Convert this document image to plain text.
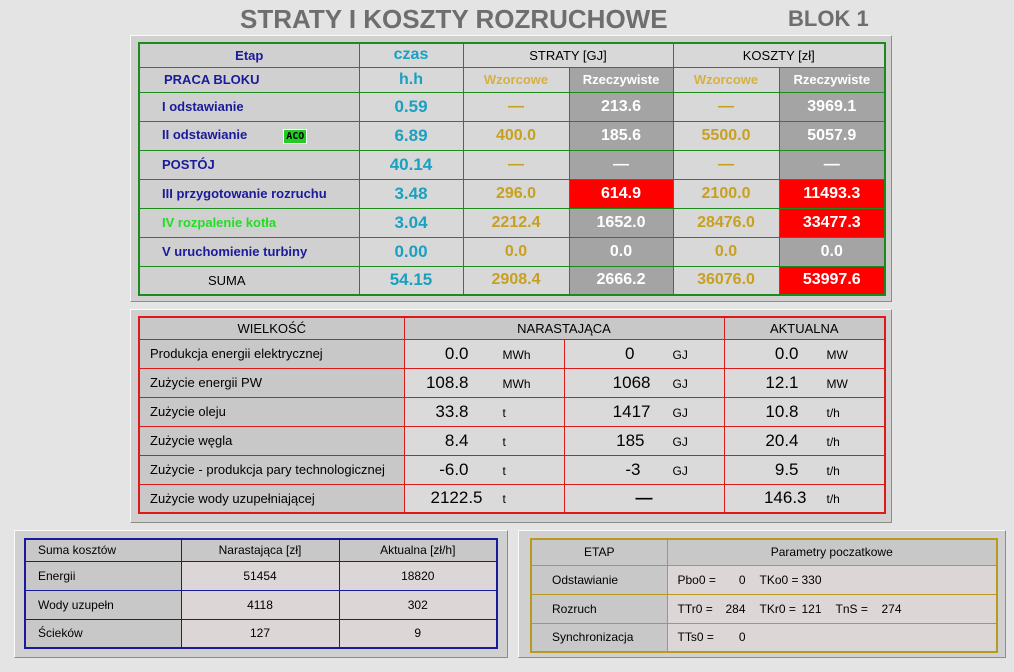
STRATY I KOSZTY ROZRUCHOWE	BLOK 1
Etap	czas	STRATY [GJ]		KOSZTY [zł]	
PRACA BLOKU	h.h	Wzorcowe	Rzeczywiste	Wzorcowe	Rzeczywiste
I odstawianie	0.59	—	213.6	—	3969.1
II odstawianie ACO	6.89	400.0	185.6	5500.0	5057.9
POSTÓJ	40.14	—	—	—	—
III przygotowanie rozruchu	3.48	296.0	614.9	2100.0	11493.3
IV rozpalenie kotła	3.04	2212.4	1652.0	28476.0	33477.3
V uruchomienie turbiny	0.00	0.0	0.0	0.0	0.0
SUMA	54.15	2908.4	2666.2	36076.0	53997.6
WIELKOŚĆ	NARASTAJĄCA		AKTUALNA
Produkcja energii elektrycznej	0.0 MWh	0 GJ	0.0 MW
Zużycie energii PW	108.8 MWh	1068 GJ	12.1 MW
Zużycie oleju	33.8 t	1417 GJ	10.8 t/h
Zużycie węgla	8.4 t	185 GJ	20.4 t/h
Zużycie - produkcja pary technologicznej	-6.0 t	-3 GJ	9.5 t/h
Zużycie wody uzupełniającej	2122.5 t	—	146.3 t/h
Suma kosztów	Narastająca [zł]	Aktualna [zł/h]
Energii	51454	18820
Wody uzupełn	4118	302
Ścieków	127	9
ETAP	Parametry poczatkowe
Odstawianie	Pbo0 = 0 TKo0 = 330
Rozruch	TTr0 = 284 TKr0 = 121 TnS = 274
Synchronizacja	TTs0 = 0
